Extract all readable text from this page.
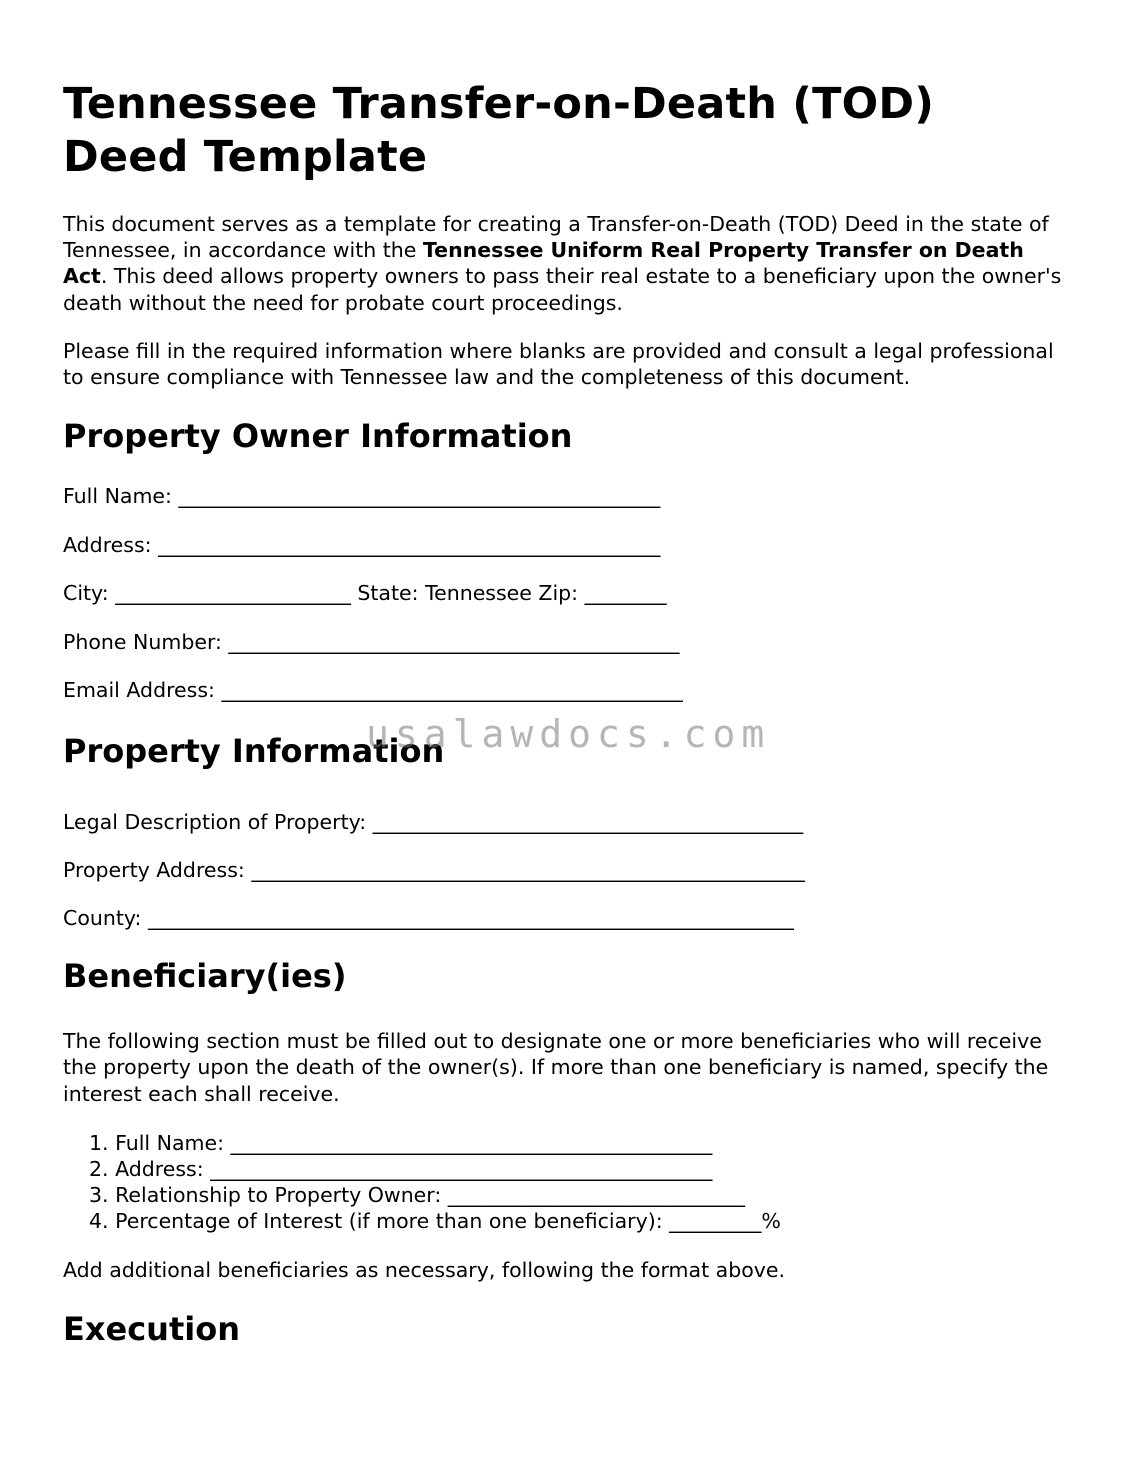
Tennessee Transfer-on-Death (TOD) Deed Template

This document serves as a template for creating a Transfer-on-Death (TOD) Deed in the state of Tennessee, in accordance with the Tennessee Uniform Real Property Transfer on Death Act. This deed allows property owners to pass their real estate to a beneficiary upon the owner's death without the need for probate court proceedings.

Please fill in the required information where blanks are provided and consult a legal professional to ensure compliance with Tennessee law and the completeness of this document.

Property Owner Information
Full Name: _______________________________________________
Address: _________________________________________________
City: _______________________ State: Tennessee Zip: ________
Phone Number: ____________________________________________
Email Address: _____________________________________________
Property Information
Legal Description of Property: __________________________________________
Property Address: ______________________________________________________
County: _______________________________________________________________
Beneficiary(ies)

The following section must be filled out to designate one or more beneficiaries who will receive the property upon the death of the owner(s). If more than one beneficiary is named, specify the interest each shall receive.

1. Full Name: _______________________________________________
2. Address: _________________________________________________
3. Relationship to Property Owner: _____________________________
4. Percentage of Interest (if more than one beneficiary): _________%

Add additional beneficiaries as necessary, following the format above.

Execution
usalawdocs.com
